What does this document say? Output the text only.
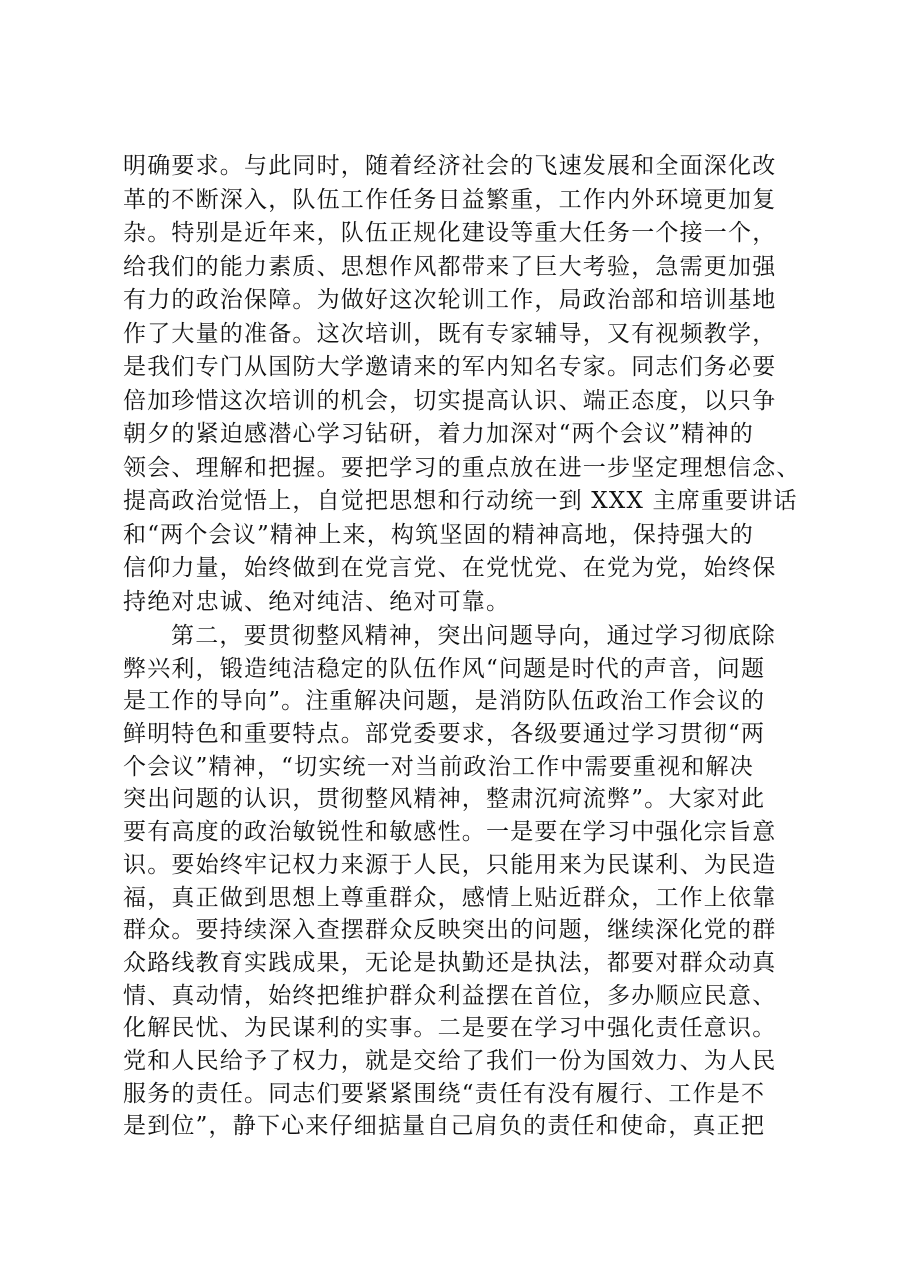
明确要求。与此同时，随着经济社会的飞速发展和全面深化改
革的不断深入，队伍工作任务日益繁重，工作内外环境更加复
杂。特别是近年来，队伍正规化建设等重大任务一个接一个，
给我们的能力素质、思想作风都带来了巨大考验，急需更加强
有力的政治保障。为做好这次轮训工作，局政治部和培训基地
作了大量的准备。这次培训，既有专家辅导，又有视频教学，
是我们专门从国防大学邀请来的军内知名专家。同志们务必要
倍加珍惜这次培训的机会，切实提高认识、端正态度，以只争
朝夕的紧迫感潜心学习钻研，着力加深对“两个会议”精神的
领会、理解和把握。要把学习的重点放在进一步坚定理想信念、
提高政治觉悟上，自觉把思想和行动统一到 XXX 主席重要讲话
和“两个会议”精神上来，构筑坚固的精神高地，保持强大的
信仰力量，始终做到在党言党、在党忧党、在党为党，始终保
持绝对忠诚、绝对纯洁、绝对可靠。
第二，要贯彻整风精神，突出问题导向，通过学习彻底除
弊兴利，锻造纯洁稳定的队伍作风“问题是时代的声音，问题
是工作的导向”。注重解决问题，是消防队伍政治工作会议的
鲜明特色和重要特点。部党委要求，各级要通过学习贯彻“两
个会议”精神，“切实统一对当前政治工作中需要重视和解决
突出问题的认识，贯彻整风精神，整肃沉疴流弊”。大家对此
要有高度的政治敏锐性和敏感性。一是要在学习中强化宗旨意
识。要始终牢记权力来源于人民，只能用来为民谋利、为民造
福，真正做到思想上尊重群众，感情上贴近群众，工作上依靠
群众。要持续深入查摆群众反映突出的问题，继续深化党的群
众路线教育实践成果，无论是执勤还是执法，都要对群众动真
情、真动情，始终把维护群众利益摆在首位，多办顺应民意、
化解民忧、为民谋利的实事。二是要在学习中强化责任意识。
党和人民给予了权力，就是交给了我们一份为国效力、为人民
服务的责任。同志们要紧紧围绕“责任有没有履行、工作是不
是到位”，静下心来仔细掂量自己肩负的责任和使命，真正把
